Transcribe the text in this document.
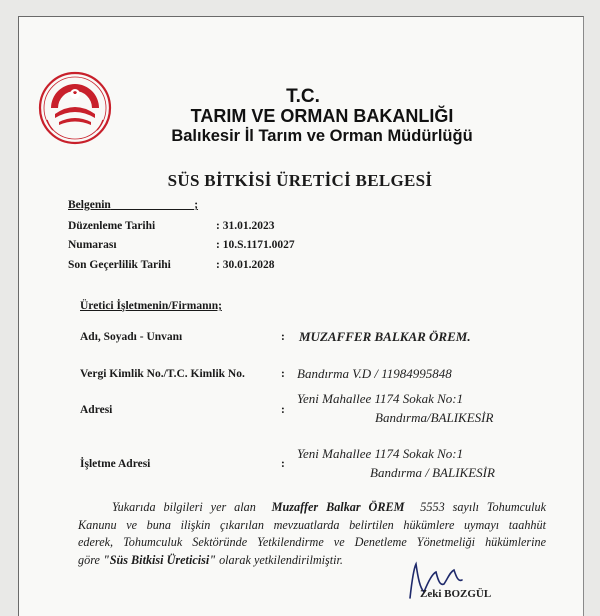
T.C.
TARIM VE ORMAN BAKANLIĞI
Balıkesir İl Tarım ve Orman Müdürlüğü
SÜS BİTKİSİ ÜRETİCİ BELGESİ
Belgenin	;
Düzenleme Tarihi	: 31.01.2023
Numarası	: 10.S.1171.0027
Son Geçerlilik Tarihi	: 30.01.2028
Üretici İşletmenin/Firmanın;
Adı, Soyadı - Unvanı	: MUZAFFER BALKAR ÖREM.
Vergi Kimlik No./T.C. Kimlik No.	: Bandırma V.D / 11984995848
Adresi	:
Yeni Mahallee 1174 Sokak No:1
Bandırma/BALIKESİR
İşletme Adresi	:
Yeni Mahallee 1174 Sokak No:1
Bandırma / BALIKESİR
Yukarıda bilgileri yer alan Muzaffer Balkar ÖREM 5553 sayılı Tohumculuk
Kanunu ve buna ilişkin çıkarılan mevzuatlarda belirtilen hükümlere uymayı taahhüt
ederek, Tohumculuk Sektöründe Yetkilendirme ve Denetleme Yönetmeliği hükümlerine
göre "Süs Bitkisi Üreticisi" olarak yetkilendirilmiştir.
Zeki BOZGÜL
